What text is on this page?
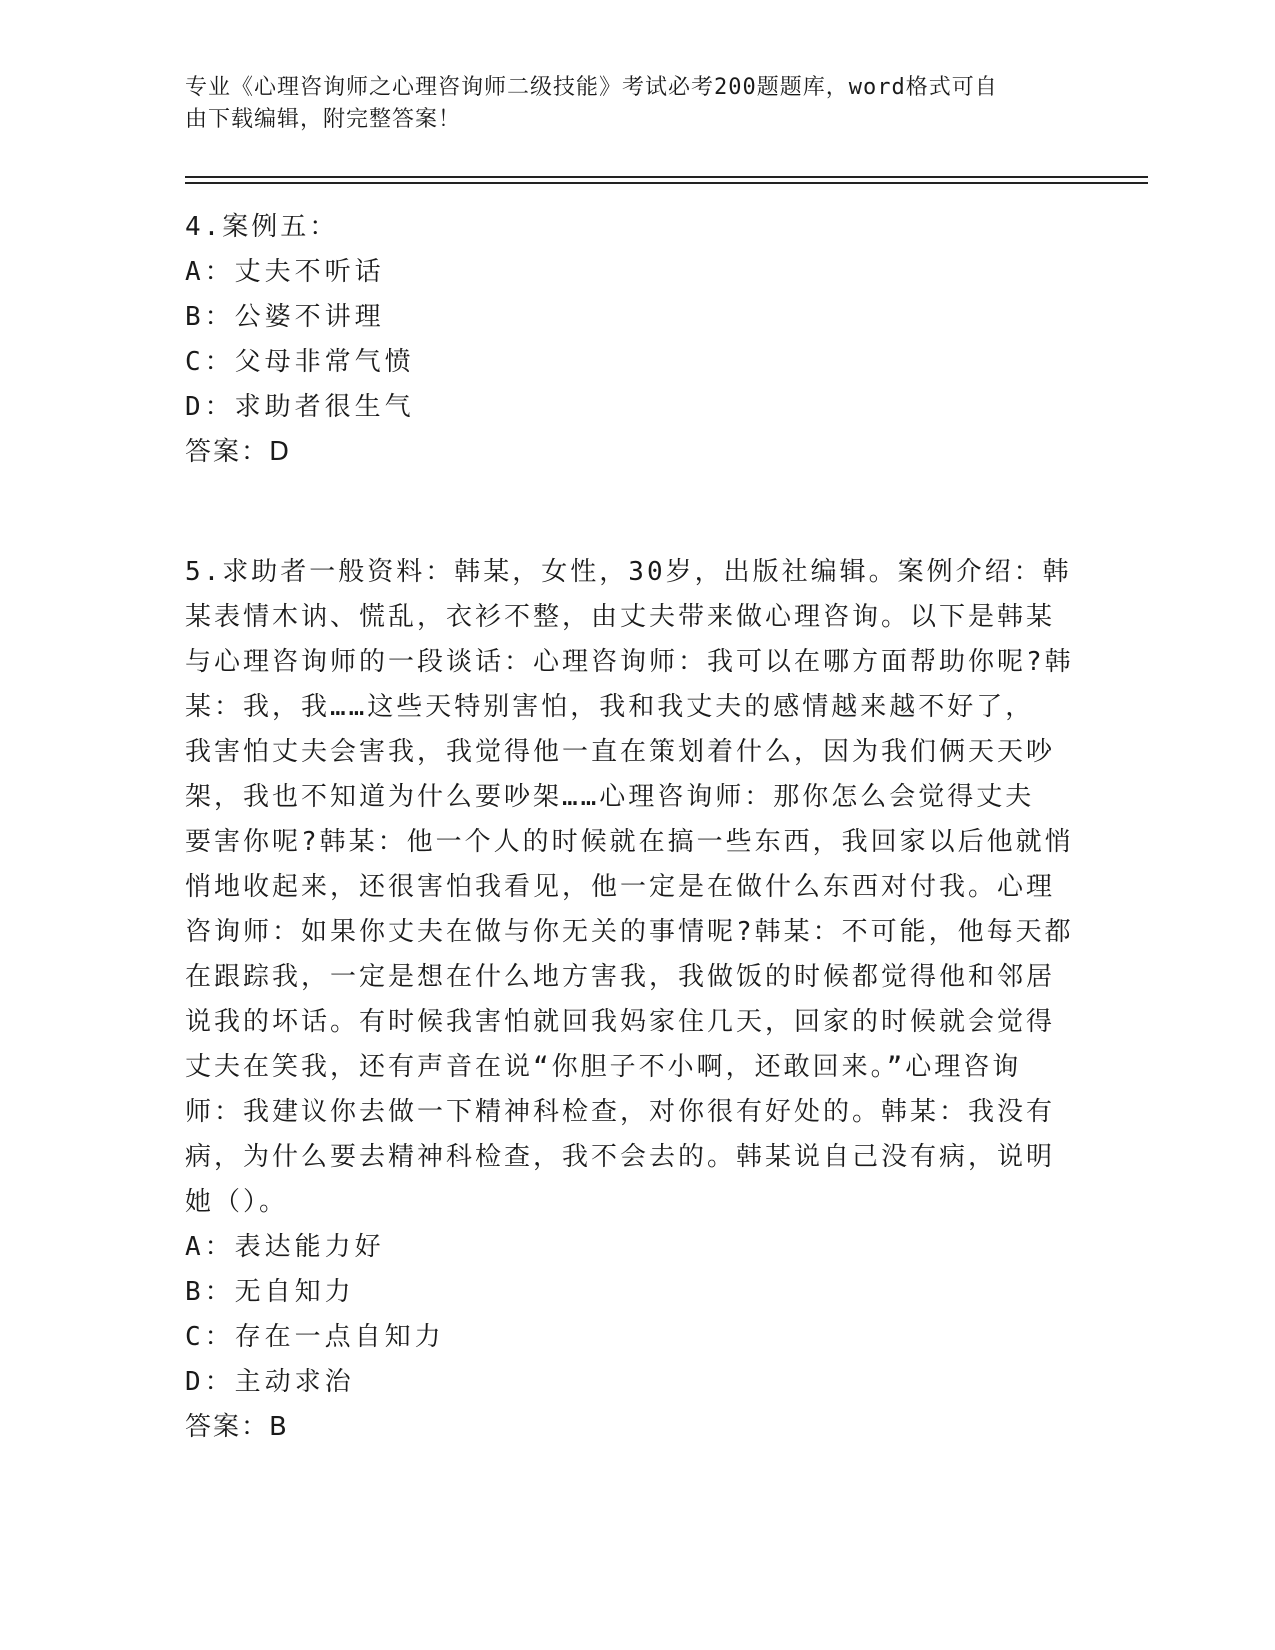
专业《心理咨询师之心理咨询师二级技能》考试必考200题题库，word格式可自
由下载编辑，附完整答案！
4.案例五：
A：丈夫不听话
B：公婆不讲理
C：父母非常气愤
D：求助者很生气
答案：D
5.求助者一般资料：韩某，女性，30岁，出版社编辑。案例介绍：韩
某表情木讷、慌乱，衣衫不整，由丈夫带来做心理咨询。以下是韩某
与心理咨询师的一段谈话：心理咨询师：我可以在哪方面帮助你呢?韩
某：我，我……这些天特别害怕，我和我丈夫的感情越来越不好了，
我害怕丈夫会害我，我觉得他一直在策划着什么，因为我们俩天天吵
架，我也不知道为什么要吵架……心理咨询师：那你怎么会觉得丈夫
要害你呢?韩某：他一个人的时候就在搞一些东西，我回家以后他就悄
悄地收起来，还很害怕我看见，他一定是在做什么东西对付我。心理
咨询师：如果你丈夫在做与你无关的事情呢?韩某：不可能，他每天都
在跟踪我，一定是想在什么地方害我，我做饭的时候都觉得他和邻居
说我的坏话。有时候我害怕就回我妈家住几天，回家的时候就会觉得
丈夫在笑我，还有声音在说“你胆子不小啊，还敢回来。”心理咨询
师：我建议你去做一下精神科检查，对你很有好处的。韩某：我没有
病，为什么要去精神科检查，我不会去的。韩某说自己没有病，说明
她（）。
A：表达能力好
B：无自知力
C：存在一点自知力
D：主动求治
答案：B
